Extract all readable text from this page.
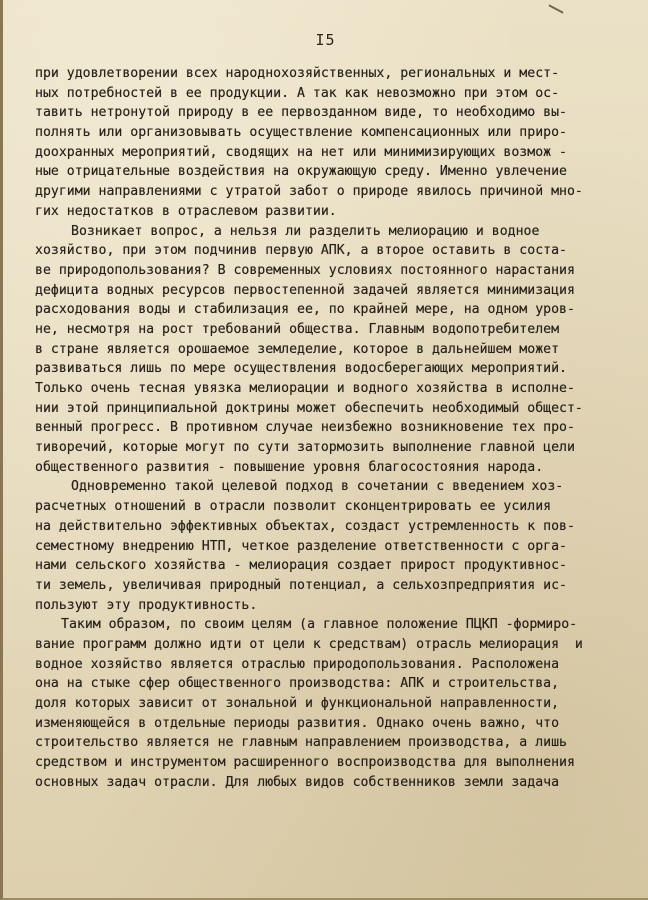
I5
при удовлетворении всех народнохозяйственных, региональных и мест-
ных потребностей в ее продукции. А так как невозможно при этом ос-
тавить нетронутой природу в ее первозданном виде, то необходимо вы-
полнять или организовывать осуществление компенсационных или приро-
доохранных мероприятий, сводящих на нет или минимизирующих возмож -
ные отрицательные воздействия на окружающую среду. Именно увлечение
другими направлениями с утратой забот о природе явилось причиной мно-
гих недостатков в отраслевом развитии.
Возникает вопрос, а нельзя ли разделить мелиорацию и водное
хозяйство, при этом подчинив первую АПК, а второе оставить в соста-
ве природопользования? В современных условиях постоянного нарастания
дефицита водных ресурсов первостепенной задачей является минимизация
расходования воды и стабилизация ее, по крайней мере, на одном уров-
не, несмотря на рост требований общества. Главным водопотребителем
в стране является орошаемое земледелие, которое в дальнейшем может
развиваться лишь по мере осуществления водосберегающих мероприятий.
Только очень тесная увязка мелиорации и водного хозяйства в исполне-
нии этой принципиальной доктрины может обеспечить необходимый общест-
венный прогресс. В противном случае неизбежно возникновение тех про-
тиворечий, которые могут по сути затормозить выполнение главной цели
общественного развития - повышение уровня благосостояния народа.
Одновременно такой целевой подход в сочетании с введением хоз-
расчетных отношений в отрасли позволит сконцентрировать ее усилия
на действительно эффективных объектах, создаст устремленность к пов-
семестному внедрению НТП, четкое разделение ответственности с орга-
нами сельского хозяйства - мелиорация создает прирост продуктивнос-
ти земель, увеличивая природный потенциал, а сельхозпредприятия ис-
пользуют эту продуктивность.
Таким образом, по своим целям (а главное положение ПЦКП -формиро-
вание программ должно идти от цели к средствам) отрасль мелиорация  и
водное хозяйство является отраслью природопользования. Расположена
она на стыке сфер общественного производства: АПК и строительства,
доля которых зависит от зональной и функциональной направленности,
изменяющейся в отдельные периоды развития. Однако очень важно, что
строительство является не главным направлением производства, а лишь
средством и инструментом расширенного воспроизводства для выполнения
основных задач отрасли. Для любых видов собственников земли задача
